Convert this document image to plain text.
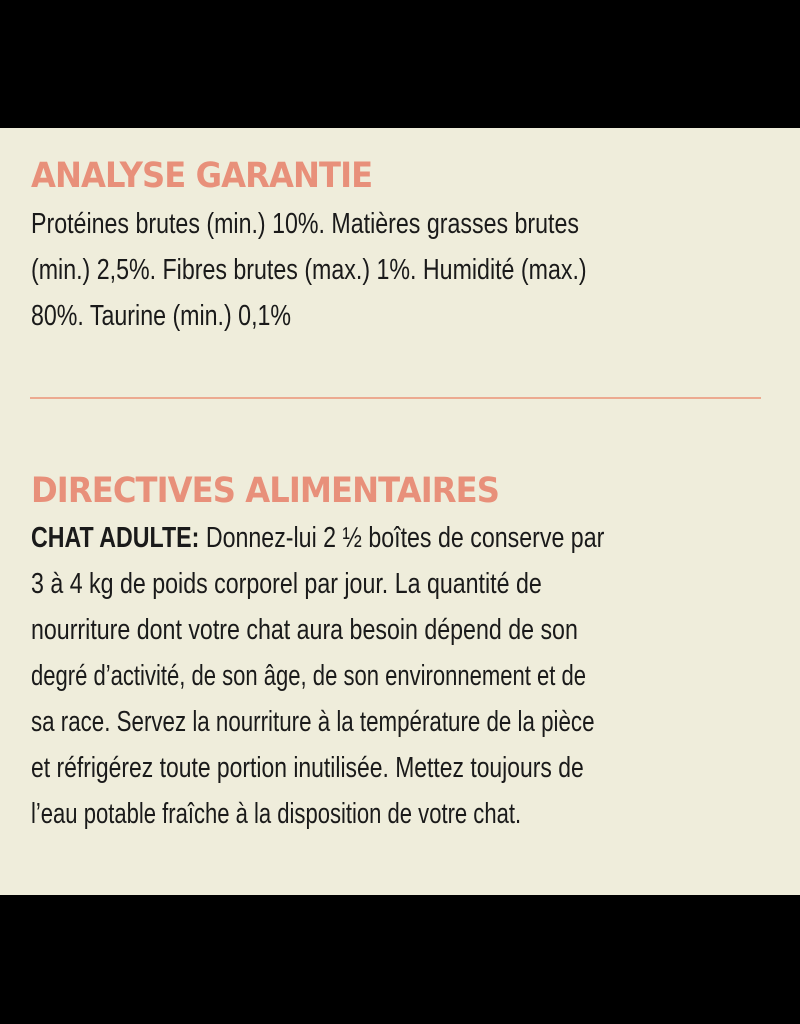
ANALYSE GARANTIE
Protéines brutes (min.) 10%. Matières grasses brutes
(min.) 2,5%. Fibres brutes (max.) 1%. Humidité (max.)
80%. Taurine (min.) 0,1%
DIRECTIVES ALIMENTAIRES
CHAT ADULTE: Donnez-lui 2 ½ boîtes de conserve par
3 à 4 kg de poids corporel par jour. La quantité de
nourriture dont votre chat aura besoin dépend de son
degré d’activité, de son âge, de son environnement et de
sa race. Servez la nourriture à la température de la pièce
et réfrigérez toute portion inutilisée. Mettez toujours de
l’eau potable fraîche à la disposition de votre chat.
